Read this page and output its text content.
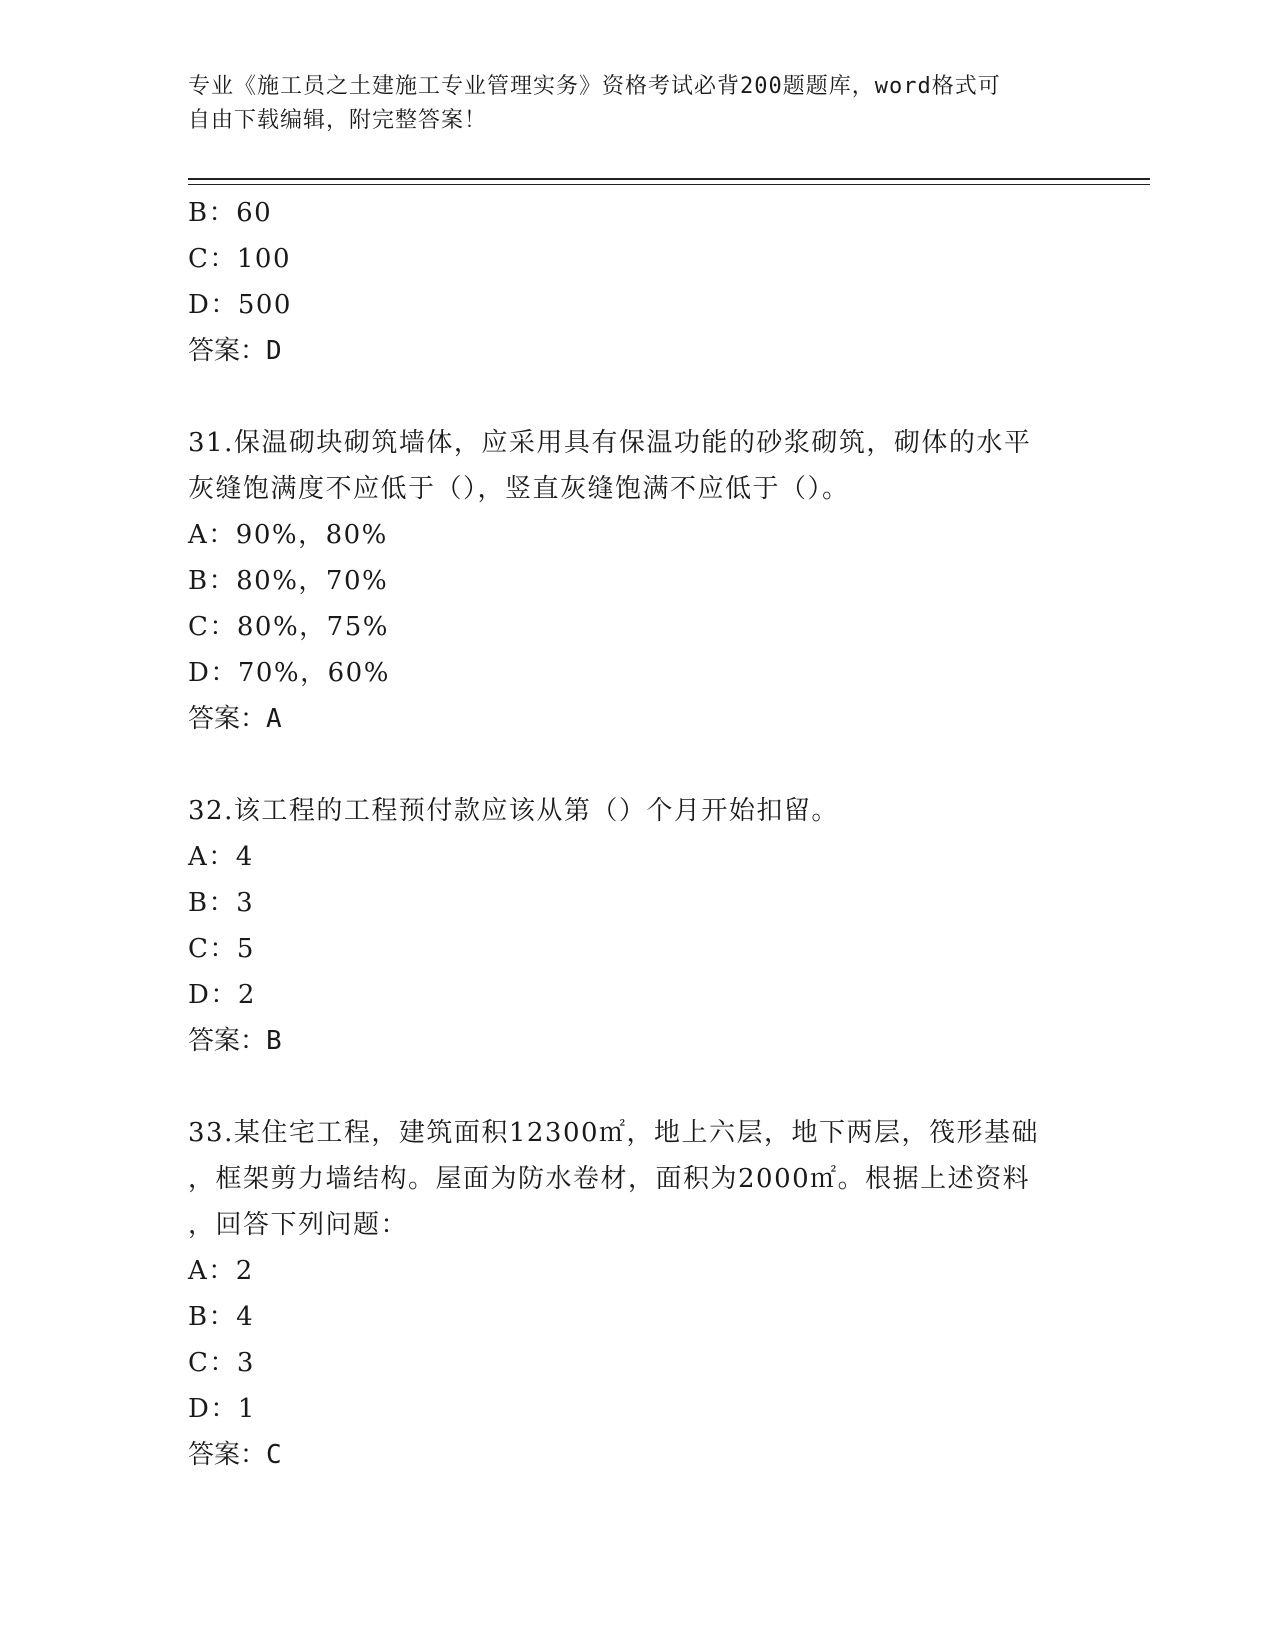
专业《施工员之土建施工专业管理实务》资格考试必背200题题库，word格式可
自由下载编辑，附完整答案！
B：60
C：100
D：500
答案：D
31.保温砌块砌筑墙体，应采用具有保温功能的砂浆砌筑，砌体的水平
灰缝饱满度不应低于（），竖直灰缝饱满不应低于（）。
A：90%，80%
B：80%，70%
C：80%，75%
D：70%，60%
答案：A
32.该工程的工程预付款应该从第（）个月开始扣留。
A：4
B：3
C：5
D：2
答案：B
33.某住宅工程，建筑面积12300㎡，地上六层，地下两层，筏形基础
，框架剪力墙结构。屋面为防水卷材，面积为2000㎡。根据上述资料
，回答下列问题：
A：2
B：4
C：3
D：1
答案：C
